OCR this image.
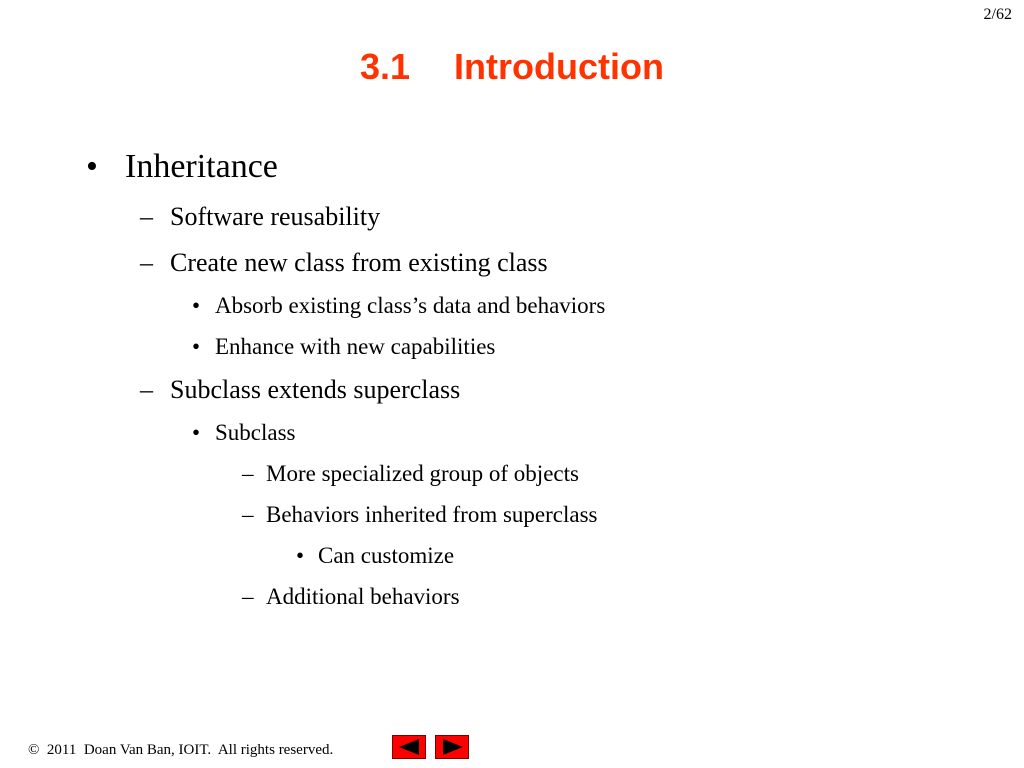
2/62
3.1 Introduction
• Inheritance
– Software reusability
– Create new class from existing class
• Absorb existing class’s data and behaviors
• Enhance with new capabilities
– Subclass extends superclass
• Subclass
– More specialized group of objects
– Behaviors inherited from superclass
• Can customize
– Additional behaviors
© 2011  Doan Van Ban, IOIT.  All rights reserved.
